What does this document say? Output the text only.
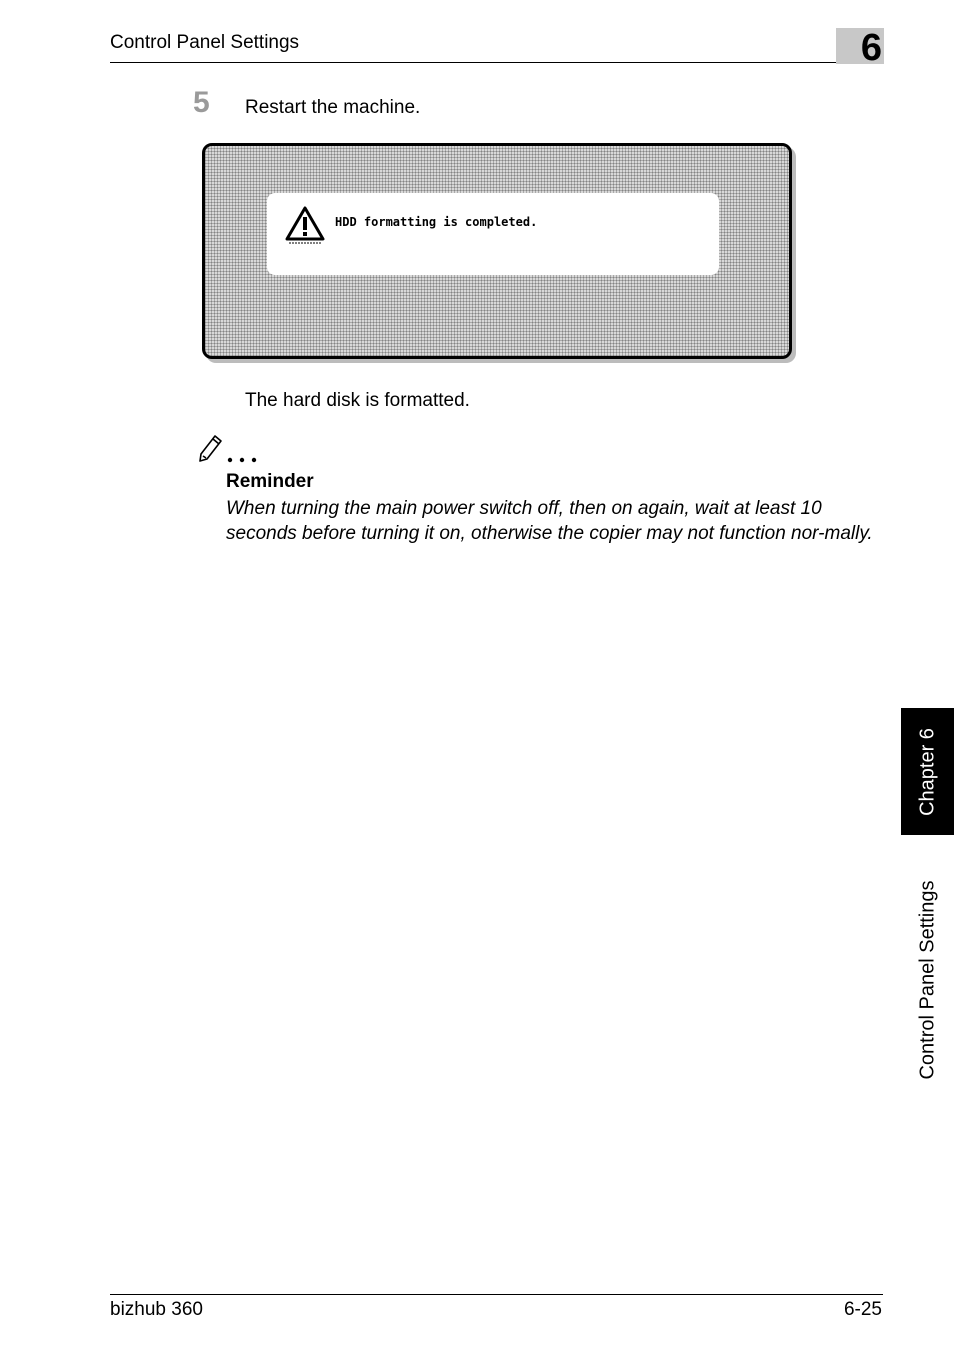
Control Panel Settings	6
5 Restart the machine.
HDD formatting is completed.
The hard disk is formatted.
Reminder
When turning the main power switch off, then on again, wait at least 10 seconds before turning it on, otherwise the copier may not function nor-mally.
Chapter 6
Control Panel Settings
bizhub 360	6-25
